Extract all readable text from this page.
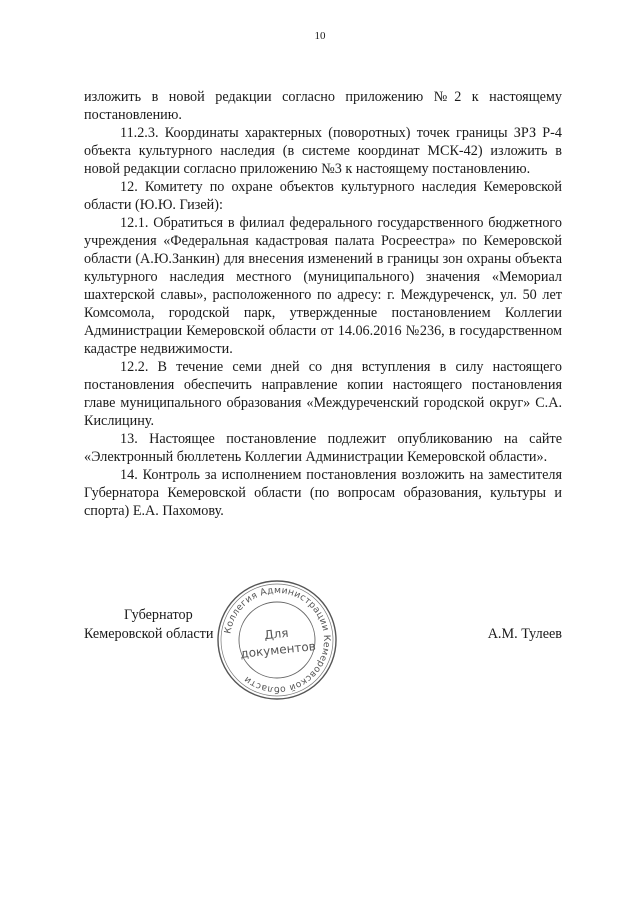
10

изложить в новой редакции согласно приложению №2 к настоящему постановлению.

11.2.3. Координаты характерных (поворотных) точек границы ЗРЗ Р-4 объекта культурного наследия (в системе координат МСК-42) изложить в новой редакции согласно приложению №3 к настоящему постановлению.

12. Комитету по охране объектов культурного наследия Кемеровской области (Ю.Ю. Гизей):

12.1. Обратиться в филиал федерального государственного бюджетного учреждения «Федеральная кадастровая палата Росреестра» по Кемеровской области (А.Ю.Занкин) для внесения изменений в границы зон охраны объекта культурного наследия местного (муниципального) значения «Мемориал шахтерской славы», расположенного по адресу: г. Междуреченск, ул. 50 лет Комсомола, городской парк, утвержденные постановлением Коллегии Администрации Кемеровской области от 14.06.2016 №236, в государственном кадастре недвижимости.

12.2. В течение семи дней со дня вступления в силу настоящего постановления обеспечить направление копии настоящего постановления главе муниципального образования «Междуреченский городской округ» С.А. Кислицину.

13. Настоящее постановление подлежит опубликованию на сайте «Электронный бюллетень Коллегии Администрации Кемеровской области».

14. Контроль за исполнением постановления возложить на заместителя Губернатора Кемеровской области (по вопросам образования, культуры и спорта) Е.А. Пахомову.

Губернатор
Кемеровской области	А.М. Тулеев
Коллегия Администрации Кемеровской области
Для
документов
